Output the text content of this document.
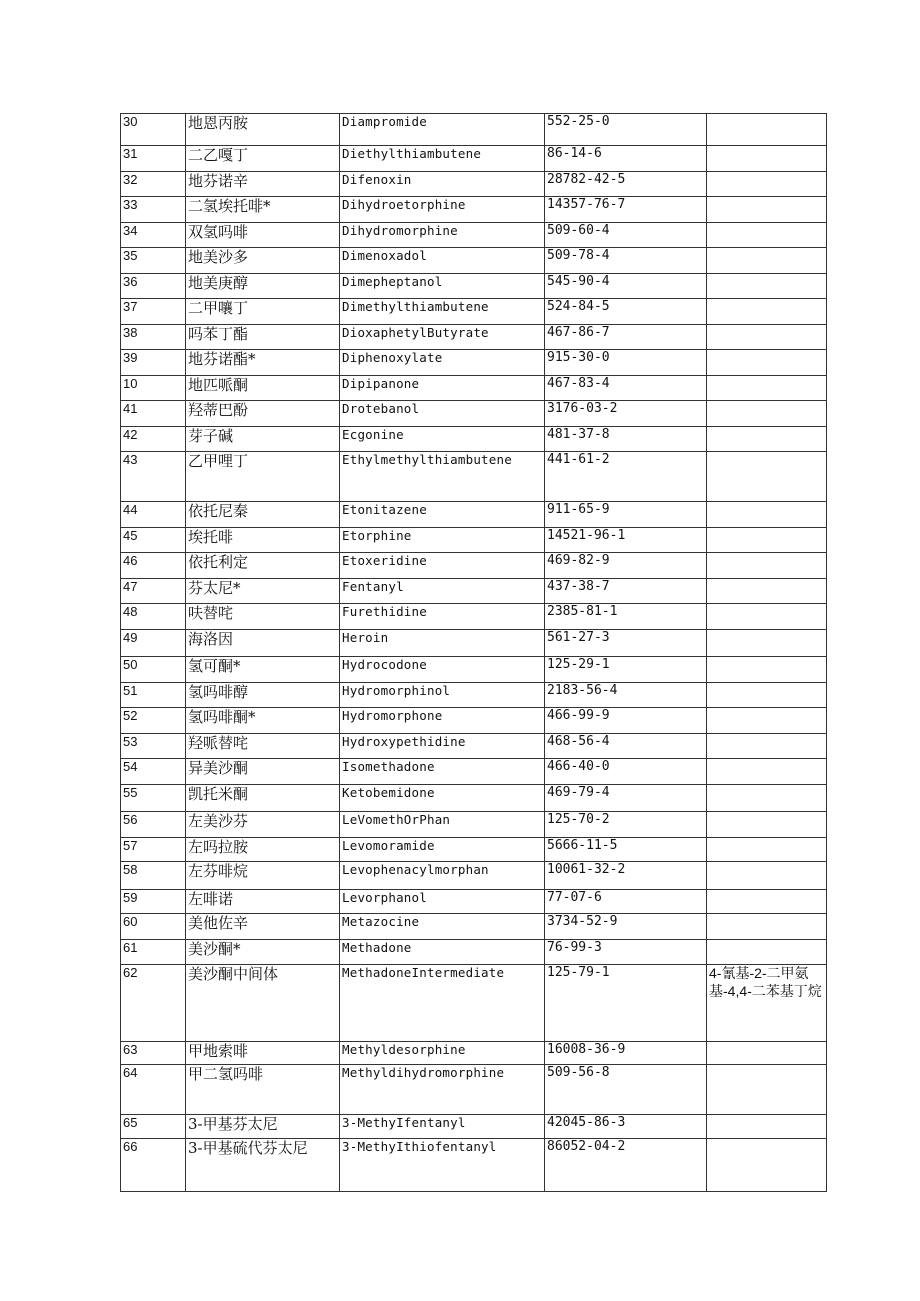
30	地恩丙胺	Diampromide	552-25-0	
31	二乙嘎丁	Diethylthiambutene	86-14-6	
32	地芬诺辛	Difenoxin	28782-42-5	
33	二氢埃托啡*	Dihydroetorphine	14357-76-7	
34	双氢吗啡	Dihydromorphine	509-60-4	
35	地美沙多	Dimenoxadol	509-78-4	
36	地美庚醇	Dimepheptanol	545-90-4	
37	二甲嚷丁	Dimethylthiambutene	524-84-5	
38	吗苯丁酯	DioxaphetylButyrate	467-86-7	
39	地芬诺酯*	Diphenoxylate	915-30-0	
10	地匹哌酮	Dipipanone	467-83-4	
41	羟蒂巴酚	Drotebanol	3176-03-2	
42	芽子碱	Ecgonine	481-37-8	
43	乙甲哩丁	Ethylmethylthiambutene	441-61-2	
44	依托尼秦	Etonitazene	911-65-9	
45	埃托啡	Etorphine	14521-96-1	
46	依托利定	Etoxeridine	469-82-9	
47	芬太尼*	Fentanyl	437-38-7	
48	呋替咤	Furethidine	2385-81-1	
49	海洛因	Heroin	561-27-3	
50	氢可酮*	Hydrocodone	125-29-1	
51	氢吗啡醇	Hydromorphinol	2183-56-4	
52	氢吗啡酮*	Hydromorphone	466-99-9	
53	羟哌替咤	Hydroxypethidine	468-56-4	
54	异美沙酮	Isomethadone	466-40-0	
55	凯托米酮	Ketobemidone	469-79-4	
56	左美沙芬	LeVomethOrPhan	125-70-2	
57	左吗拉胺	Levomoramide	5666-11-5	
58	左芬啡烷	Levophenacylmorphan	10061-32-2	
59	左啡诺	Levorphanol	77-07-6	
60	美他佐辛	Metazocine	3734-52-9	
61	美沙酮*	Methadone	76-99-3	
62	美沙酮中间体	MethadoneIntermediate	125-79-1	4-氰基-2-二甲氨基-4,4-二苯基丁烷
63	甲地索啡	Methyldesorphine	16008-36-9	
64	甲二氢吗啡	Methyldihydromorphine	509-56-8	
65	3-甲基芬太尼	3-MethyIfentanyl	42045-86-3	
66	3-甲基硫代芬太尼	3-MethyIthiofentanyl	86052-04-2	
